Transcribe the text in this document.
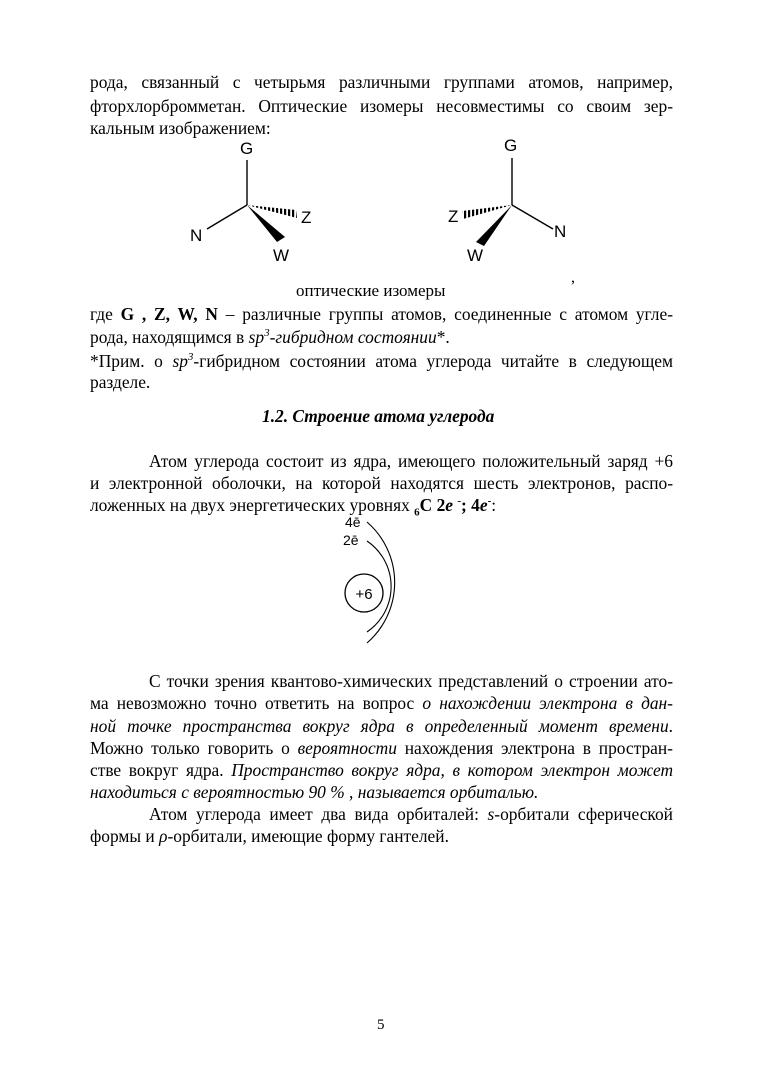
рода, связанный с четырьмя различными группами атомов, например,
фторхлорбромметан. Оптические изомеры несовместимы со своим зер-
кальным изображением:
G
Z
N
W
G
Z
N
W
оптические изомеры
,
где G , Z, W, N – различные группы атомов, соединенные с атомом угле-
рода, находящимся в $sp^3$-гибридном состоянии*.
*Прим. о $sp^3$-гибридном состоянии атома углерода читайте в следующем
разделе.
1.2. Строение атома углерода
Атом углерода состоит из ядра, имеющего положительный заряд +6
и электронной оболочки, на которой находятся шесть электронов, распо-
ложенных на двух энергетических уровнях $_6$C 2e -; 4e-:
4ē
2ē
+6
С точки зрения квантово-химических представлений о строении ато-
ма невозможно точно ответить на вопрос о нахождении электрона в дан-
ной точке пространства вокруг ядра в определенный момент времени.
Можно только говорить о вероятности нахождения электрона в простран-
стве вокруг ядра. Пространство вокруг ядра, в котором электрон может
находиться с вероятностью 90 % , называется орбиталью.
Атом углерода имеет два вида орбиталей: s-орбитали сферической
формы и ρ-орбитали, имеющие форму гантелей.
5
